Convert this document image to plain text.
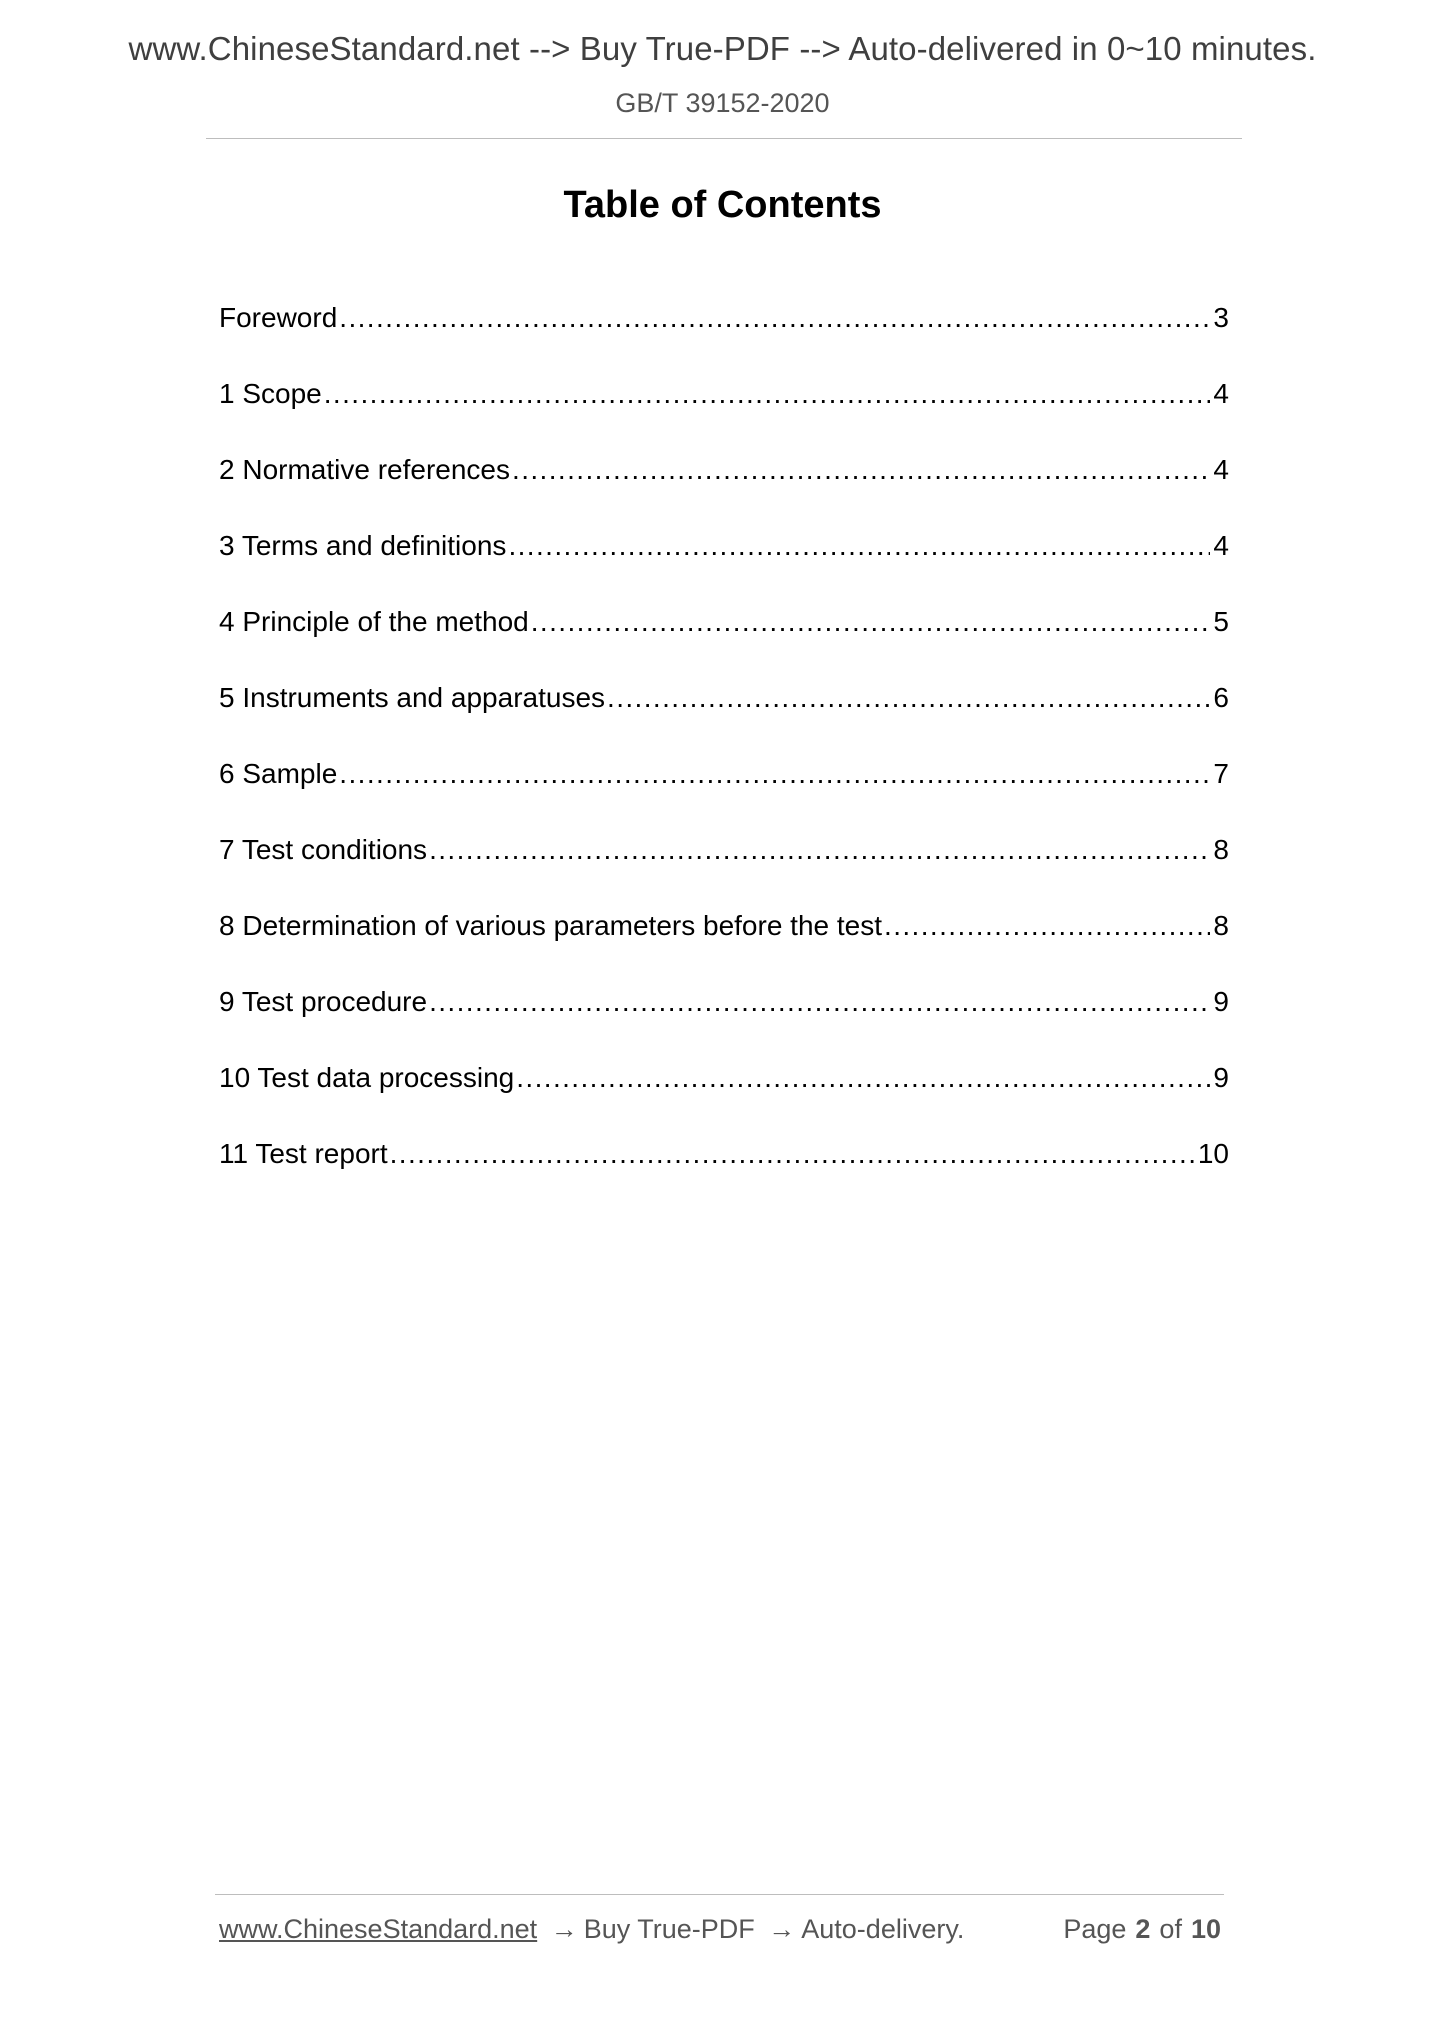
www.ChineseStandard.net --> Buy True-PDF --> Auto-delivered in 0~10 minutes.
GB/T 39152-2020
Table of Contents
Foreword .....	3
1 Scope .....	4
2 Normative references .....	4
3 Terms and definitions .....	4
4 Principle of the method .....	5
5 Instruments and apparatuses .....	6
6 Sample .....	7
7 Test conditions .....	8
8 Determination of various parameters before the test .....	8
9 Test procedure .....	9
10 Test data processing .....	9
11 Test report .....	10
www.ChineseStandard.net → Buy True-PDF → Auto-delivery.	Page 2 of 10
